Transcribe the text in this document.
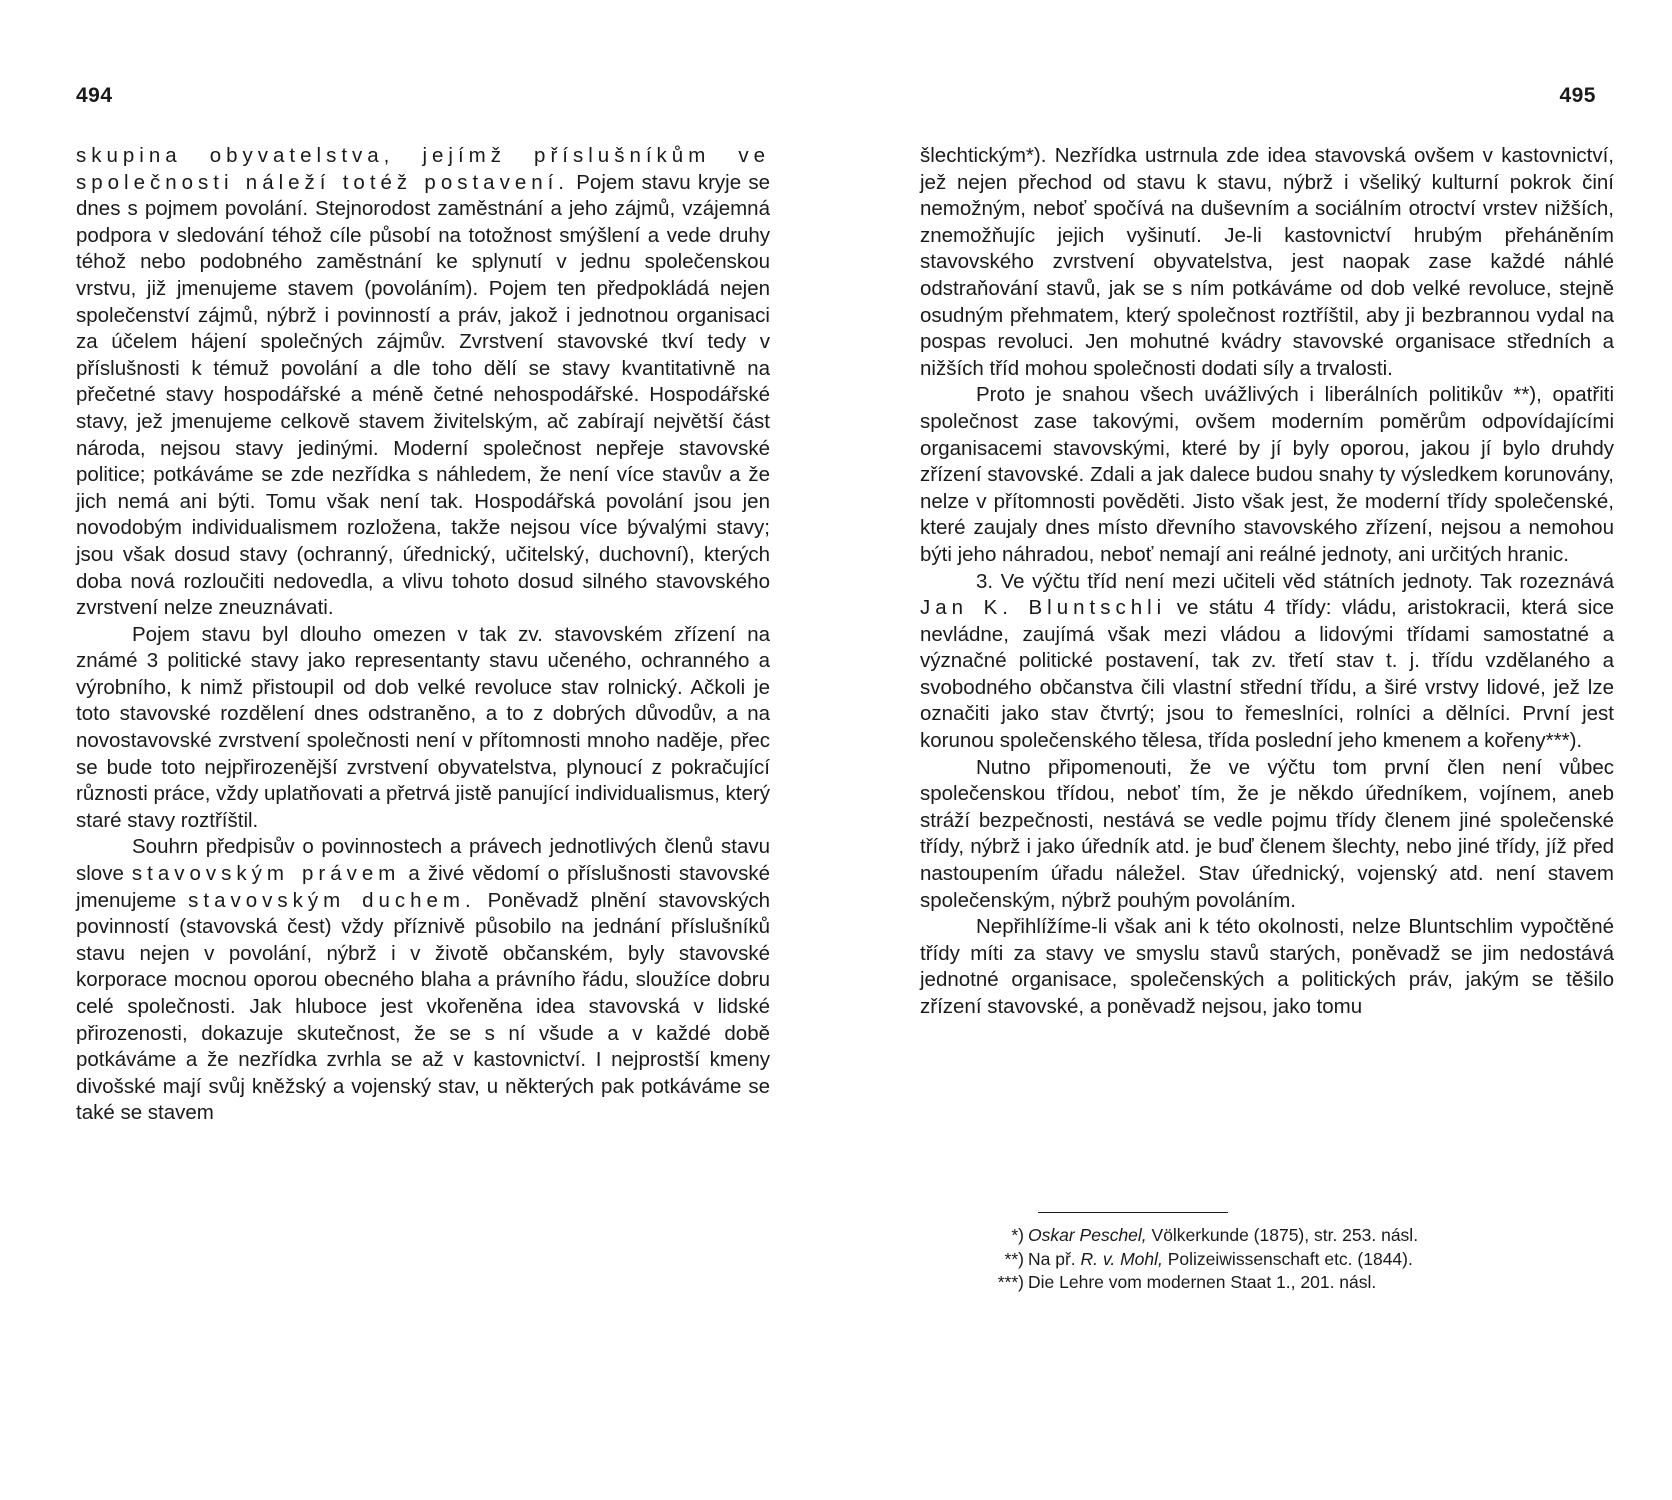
494

skupina obyvatelstva, jejímž příslušníkům ve společnosti náleží totéž postavení. Pojem stavu kryje se dnes s pojmem povolání. Stejnorodost zaměstnání a jeho zájmů, vzájemná podpora v sledování téhož cíle působí na totožnost smýšlení a vede druhy téhož nebo podobného zaměstnání ke splynutí v jednu společenskou vrstvu, již jmenujeme stavem (povoláním). Pojem ten předpokládá nejen společenství zájmů, nýbrž i povinností a práv, jakož i jednotnou organisaci za účelem hájení společných zájmův. Zvrstvení stavovské tkví tedy v příslušnosti k témuž povolání a dle toho dělí se stavy kvantitativně na přečetné stavy hospodářské a méně četné nehospodářské. Hospodářské stavy, jež jmenujeme celkově stavem živitelským, ač zabírají největší část národa, nejsou stavy jedinými. Moderní společnost nepřeje stavovské politice; potkáváme se zde nezřídka s náhledem, že není více stavův a že jich nemá ani býti. Tomu však není tak. Hospodářská povolání jsou jen novodobým individualismem rozložena, takže nejsou více bývalými stavy; jsou však dosud stavy (ochranný, úřednický, učitelský, duchovní), kterých doba nová rozloučiti nedovedla, a vlivu tohoto dosud silného stavovského zvrstvení nelze zneuznávati.

Pojem stavu byl dlouho omezen v tak zv. stavovském zřízení na známé 3 politické stavy jako representanty stavu učeného, ochranného a výrobního, k nimž přistoupil od dob velké revoluce stav rolnický. Ačkoli je toto stavovské rozdělení dnes odstraněno, a to z dobrých důvodův, a na novostavovské zvrstvení společnosti není v přítomnosti mnoho naděje, přec se bude toto nejpřirozenější zvrstvení obyvatelstva, plynoucí z pokračující různosti práce, vždy uplatňovati a přetrvá jistě panující individualismus, který staré stavy roztříštil.

Souhrn předpisův o povinnostech a právech jednotlivých členů stavu slove stavovským právem a živé vědomí o příslušnosti stavovské jmenujeme stavovským duchem. Poněvadž plnění stavovských povinností (stavovská čest) vždy příznivě působilo na jednání příslušníků stavu nejen v povolání, nýbrž i v životě občanském, byly stavovské korporace mocnou oporou obecného blaha a právního řádu, sloužíce dobru celé společnosti. Jak hluboce jest vkořeněna idea stavovská v lidské přirozenosti, dokazuje skutečnost, že se s ní všude a v každé době potkáváme a že nezřídka zvrhla se až v kastovnictví. I nejprostší kmeny divošské mají svůj kněžský a vojenský stav, u některých pak potkáváme se také se stavem

495

šlechtickým*). Nezřídka ustrnula zde idea stavovská ovšem v kastovnictví, jež nejen přechod od stavu k stavu, nýbrž i všeliký kulturní pokrok činí nemožným, neboť spočívá na duševním a sociálním otroctví vrstev nižších, znemožňujíc jejich vyšinutí. Je-li kastovnictví hrubým přeháněním stavovského zvrstvení obyvatelstva, jest naopak zase každé náhlé odstraňování stavů, jak se s ním potkáváme od dob velké revoluce, stejně osudným přehmatem, který společnost roztříštil, aby ji bezbrannou vydal na pospas revoluci. Jen mohutné kvádry stavovské organisace středních a nižších tříd mohou společnosti dodati síly a trvalosti.

Proto je snahou všech uvážlivých i liberálních politikův **), opatřiti společnost zase takovými, ovšem moderním poměrům odpovídajícími organisacemi stavovskými, které by jí byly oporou, jakou jí bylo druhdy zřízení stavovské. Zdali a jak dalece budou snahy ty výsledkem korunovány, nelze v přítomnosti pověděti. Jisto však jest, že moderní třídy společenské, které zaujaly dnes místo dřevního stavovského zřízení, nejsou a nemohou býti jeho náhradou, neboť nemají ani reálné jednoty, ani určitých hranic.

3. Ve výčtu tříd není mezi učiteli věd státních jednoty. Tak rozeznává Jan K. Bluntschli ve státu 4 třídy: vládu, aristokracii, která sice nevládne, zaujímá však mezi vládou a lidovými třídami samostatné a význačné politické postavení, tak zv. třetí stav t. j. třídu vzdělaného a svobodného občanstva čili vlastní střední třídu, a širé vrstvy lidové, jež lze označiti jako stav čtvrtý; jsou to řemeslníci, rolníci a dělníci. První jest korunou společenského tělesa, třída poslední jeho kmenem a kořeny***).

Nutno připomenouti, že ve výčtu tom první člen není vůbec společenskou třídou, neboť tím, že je někdo úředníkem, vojínem, aneb stráží bezpečnosti, nestává se vedle pojmu třídy členem jiné společenské třídy, nýbrž i jako úředník atd. je buď členem šlechty, nebo jiné třídy, jíž před nastoupením úřadu náležel. Stav úřednický, vojenský atd. není stavem společenským, nýbrž pouhým povoláním.

Nepřihlížíme-li však ani k této okolnosti, nelze Bluntschlim vypočtěné třídy míti za stavy ve smyslu stavů starých, poněvadž se jim nedostává jednotné organisace, společenských a politických práv, jakým se těšilo zřízení stavovské, a poněvadž nejsou, jako tomu

*) Oskar Peschel, Völkerkunde (1875), str. 253. násl.

**) Na př. R. v. Mohl, Polizeiwissenschaft etc. (1844).

***) Die Lehre vom modernen Staat 1., 201. násl.
